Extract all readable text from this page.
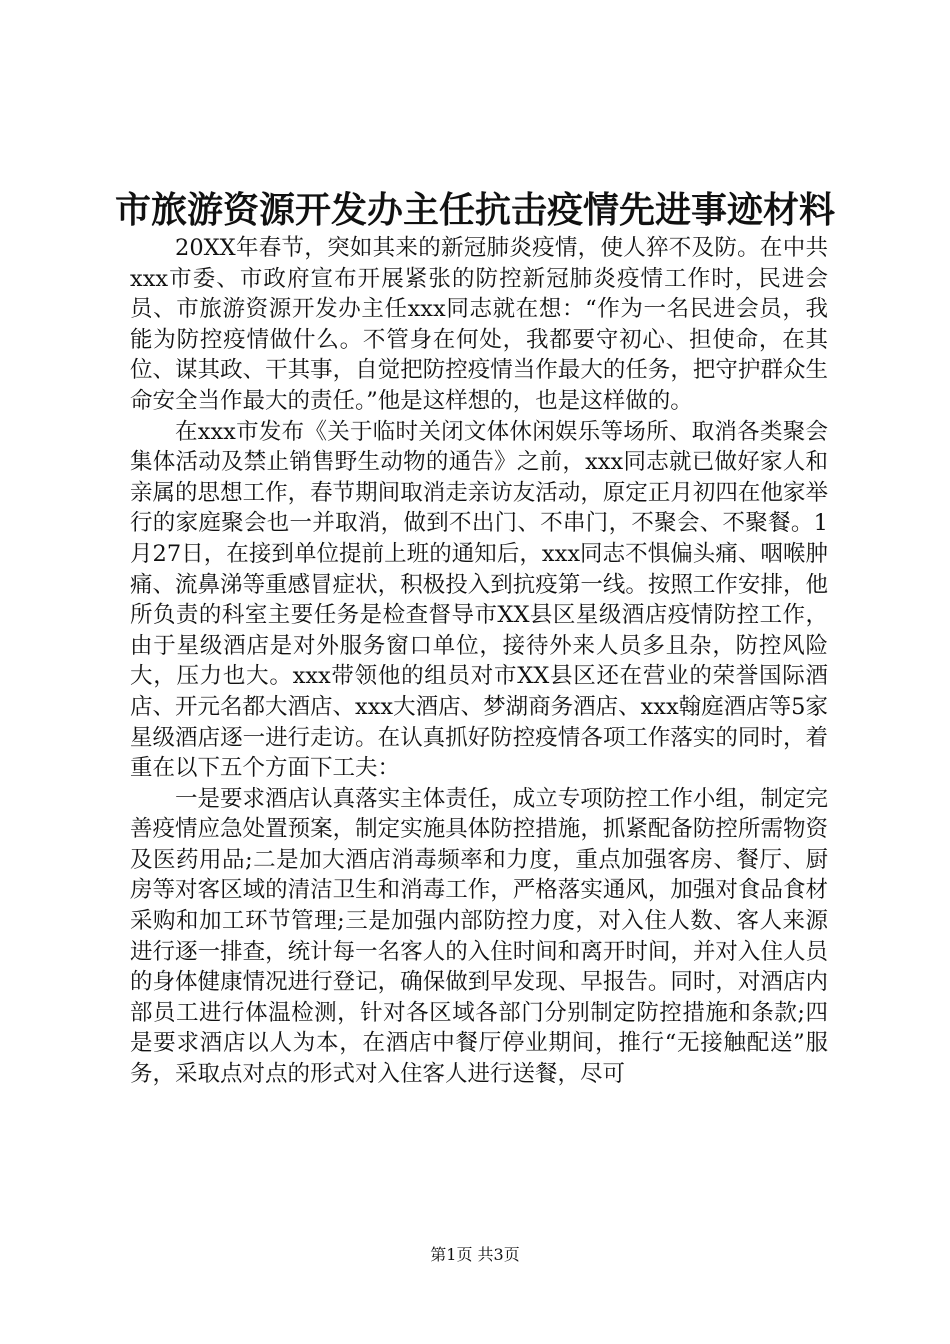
市旅游资源开发办主任抗击疫情先进事迹材料

20XX年春节，突如其来的新冠肺炎疫情，使人猝不及防。在中共xxx市委、市政府宣布开展紧张的防控新冠肺炎疫情工作时，民进会员、市旅游资源开发办主任xxx同志就在想：“作为一名民进会员，我能为防控疫情做什么。不管身在何处，我都要守初心、担使命，在其位、谋其政、干其事，自觉把防控疫情当作最大的任务，把守护群众生命安全当作最大的责任。”他是这样想的，也是这样做的。

在xxx市发布《关于临时关闭文体休闲娱乐等场所、取消各类聚会集体活动及禁止销售野生动物的通告》之前，xxx同志就已做好家人和亲属的思想工作，春节期间取消走亲访友活动，原定正月初四在他家举行的家庭聚会也一并取消，做到不出门、不串门，不聚会、不聚餐。1月27日，在接到单位提前上班的通知后，xxx同志不惧偏头痛、咽喉肿痛、流鼻涕等重感冒症状，积极投入到抗疫第一线。按照工作安排，他所负责的科室主要任务是检查督导市XX县区星级酒店疫情防控工作，由于星级酒店是对外服务窗口单位，接待外来人员多且杂，防控风险大，压力也大。xxx带领他的组员对市XX县区还在营业的荣誉国际酒店、开元名都大酒店、xxx大酒店、梦湖商务酒店、xxx翰庭酒店等5家星级酒店逐一进行走访。在认真抓好防控疫情各项工作落实的同时，着重在以下五个方面下工夫：

一是要求酒店认真落实主体责任，成立专项防控工作小组，制定完善疫情应急处置预案，制定实施具体防控措施，抓紧配备防控所需物资及医药用品;二是加大酒店消毒频率和力度，重点加强客房、餐厅、厨房等对客区域的清洁卫生和消毒工作，严格落实通风，加强对食品食材采购和加工环节管理;三是加强内部防控力度，对入住人数、客人来源进行逐一排查，统计每一名客人的入住时间和离开时间，并对入住人员的身体健康情况进行登记，确保做到早发现、早报告。同时，对酒店内部员工进行体温检测，针对各区域各部门分别制定防控措施和条款;四是要求酒店以人为本，在酒店中餐厅停业期间，推行“无接触配送”服务，采取点对点的形式对入住客人进行送餐，尽可

第1页 共3页
